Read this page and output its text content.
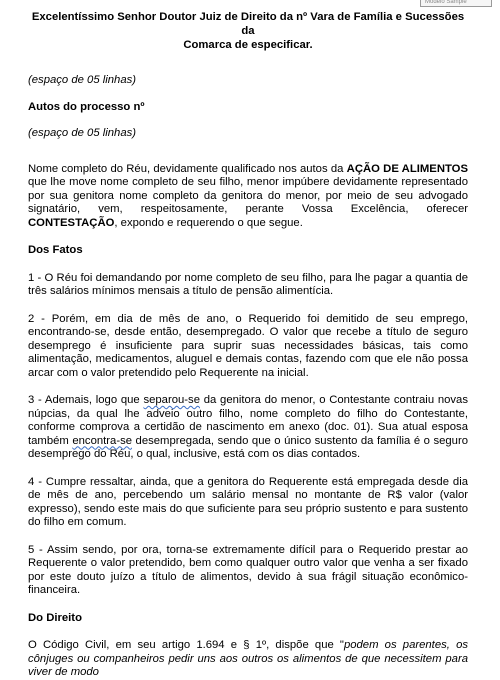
Modelo Sample

Excelentíssimo Senhor Doutor Juiz de Direito da nº Vara de Família e Sucessões da

Comarca de especificar.

(espaço de 05 linhas)

Autos do processo nº

(espaço de 05 linhas)

Nome completo do Réu, devidamente qualificado nos autos da AÇÃO DE ALIMENTOS que lhe move nome completo de seu filho, menor impúbere devidamente representado por sua genitora nome completo da genitora do menor, por meio de seu advogado signatário, vem, respeitosamente, perante Vossa Excelência, oferecer CONTESTAÇÃO, expondo e requerendo o que segue.

Dos Fatos

1 - O Réu foi demandando por nome completo de seu filho, para lhe pagar a quantia de três salários mínimos mensais a título de pensão alimentícia.

2 - Porém, em dia de mês de ano, o Requerido foi demitido de seu emprego, encontrando-se, desde então, desempregado. O valor que recebe a título de seguro desemprego é insuficiente para suprir suas necessidades básicas, tais como alimentação, medicamentos, aluguel e demais contas, fazendo com que ele não possa arcar com o valor pretendido pelo Requerente na inicial.

3 - Ademais, logo que separou-se da genitora do menor, o Contestante contraiu novas núpcias, da qual lhe adveio outro filho, nome completo do filho do Contestante, conforme comprova a certidão de nascimento em anexo (doc. 01). Sua atual esposa também encontra-se desempregada, sendo que o único sustento da família é o seguro desemprego do Réu, o qual, inclusive, está com os dias contados.

4 - Cumpre ressaltar, ainda, que a genitora do Requerente está empregada desde dia de mês de ano, percebendo um salário mensal no montante de R$ valor (valor expresso), sendo este mais do que suficiente para seu próprio sustento e para sustento do filho em comum.

5 - Assim sendo, por ora, torna-se extremamente difícil para o Requerido prestar ao Requerente o valor pretendido, bem como qualquer outro valor que venha a ser fixado por este douto juízo a título de alimentos, devido à sua frágil situação econômico-financeira.

Do Direito

O Código Civil, em seu artigo 1.694 e § 1º, dispõe que "podem os parentes, os cônjuges ou companheiros pedir uns aos outros os alimentos de que necessitem para viver de modo
